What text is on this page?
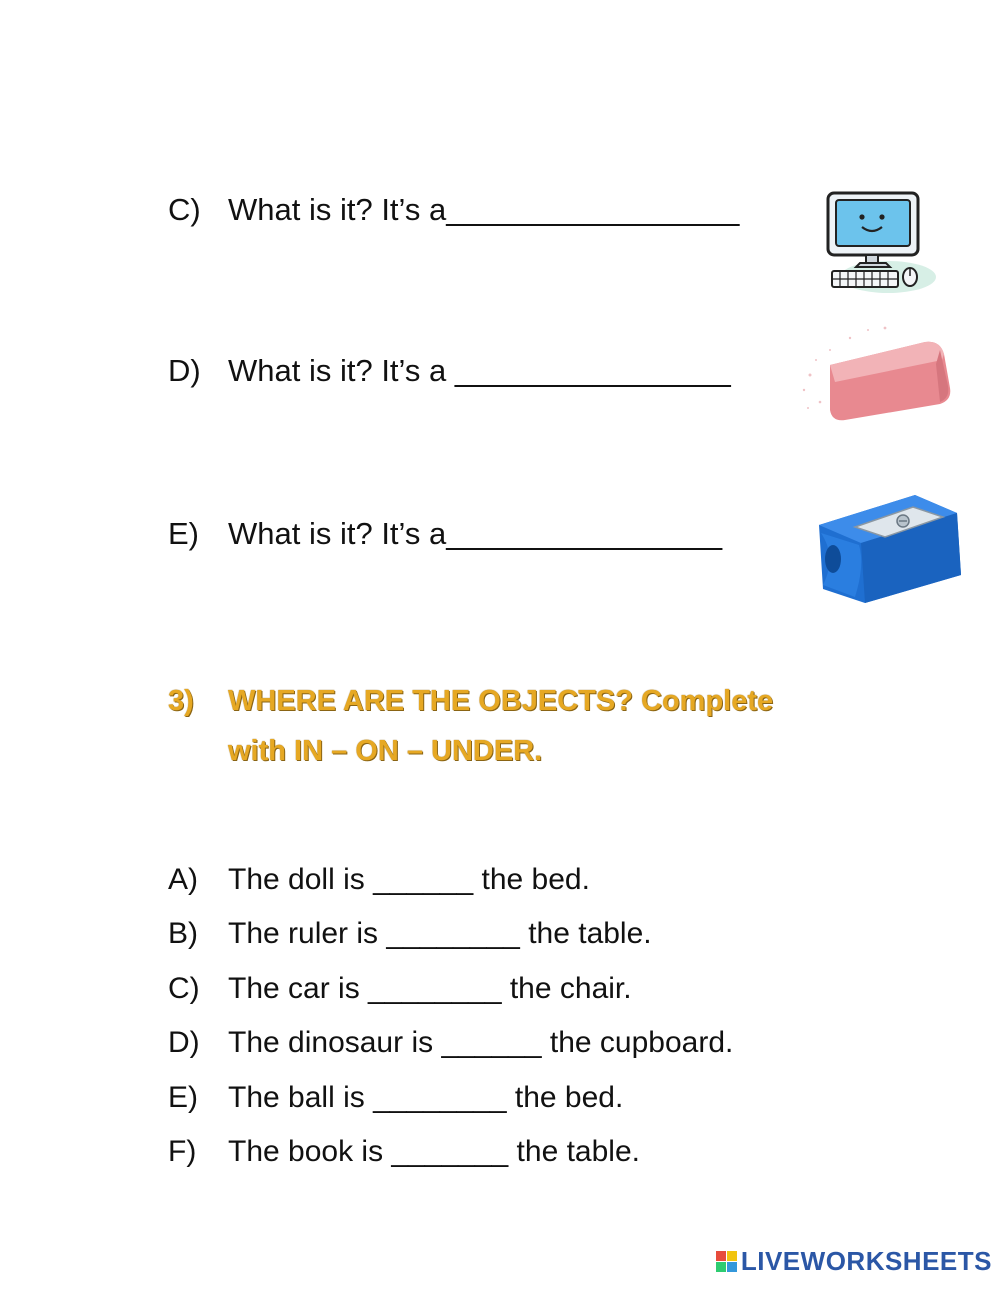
C) What is it? It’s a_________________
D) What is it? It’s a ________________
E) What is it? It’s a________________
3) WHERE ARE THE OBJECTS? Complete
with IN – ON – UNDER.
A) The doll is ______ the bed.
B) The ruler is ________ the table.
C) The car is ________ the chair.
D) The dinosaur is ______ the cupboard.
E) The ball is ________ the bed.
F) The book is _______ the table.
LIVEWORKSHEETS
